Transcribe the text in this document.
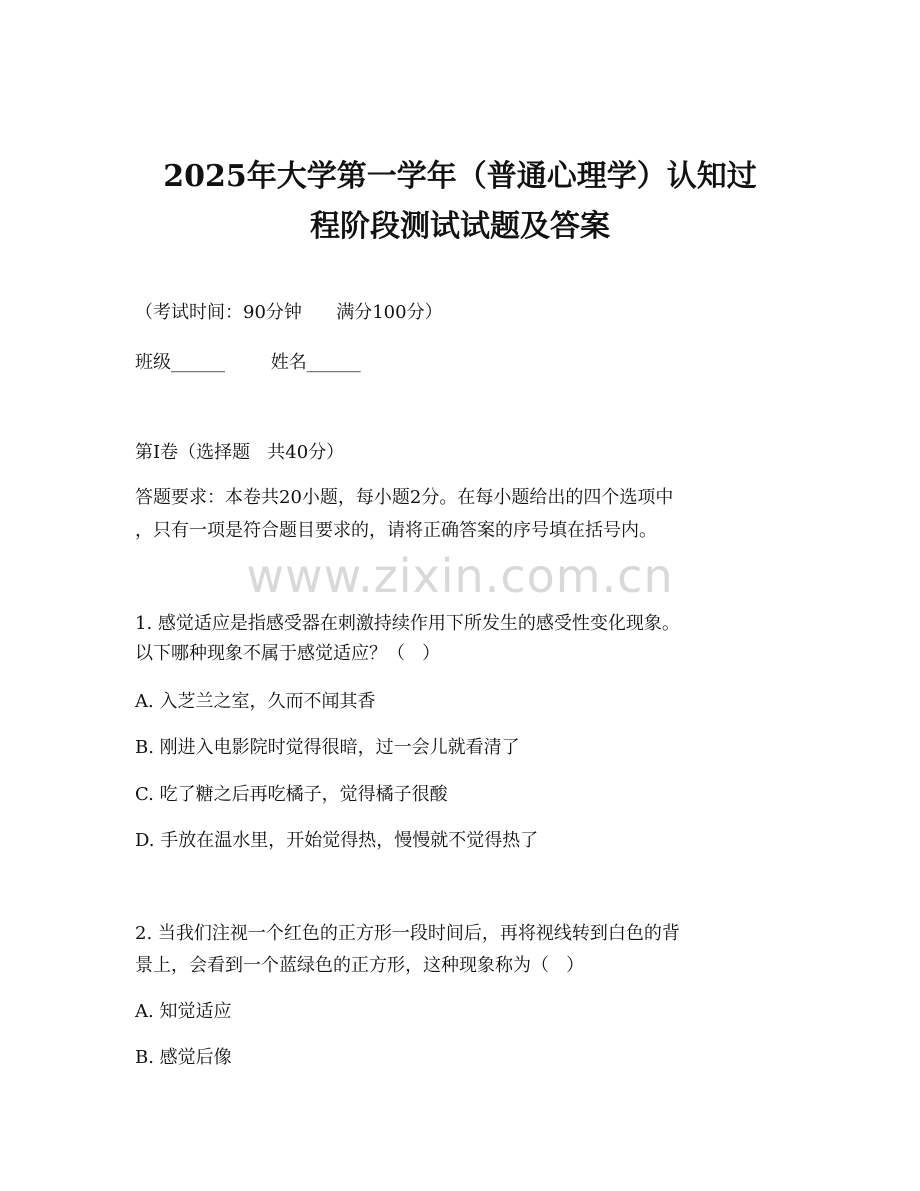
2025年大学第一学年（普通心理学）认知过
程阶段测试试题及答案

（考试时间：90分钟      满分100分）

班级______        姓名______

第Ⅰ卷（选择题   共40分）

答题要求：本卷共20小题，每小题2分。在每小题给出的四个选项中

，只有一项是符合题目要求的，请将正确答案的序号填在括号内。

www.zixin.com.cn

1. 感觉适应是指感受器在刺激持续作用下所发生的感受性变化现象。

以下哪种现象不属于感觉适应？（   ）

A. 入芝兰之室，久而不闻其香

B. 刚进入电影院时觉得很暗，过一会儿就看清了

C. 吃了糖之后再吃橘子，觉得橘子很酸

D. 手放在温水里，开始觉得热，慢慢就不觉得热了

2. 当我们注视一个红色的正方形一段时间后，再将视线转到白色的背

景上，会看到一个蓝绿色的正方形，这种现象称为（   ）

A. 知觉适应

B. 感觉后像
